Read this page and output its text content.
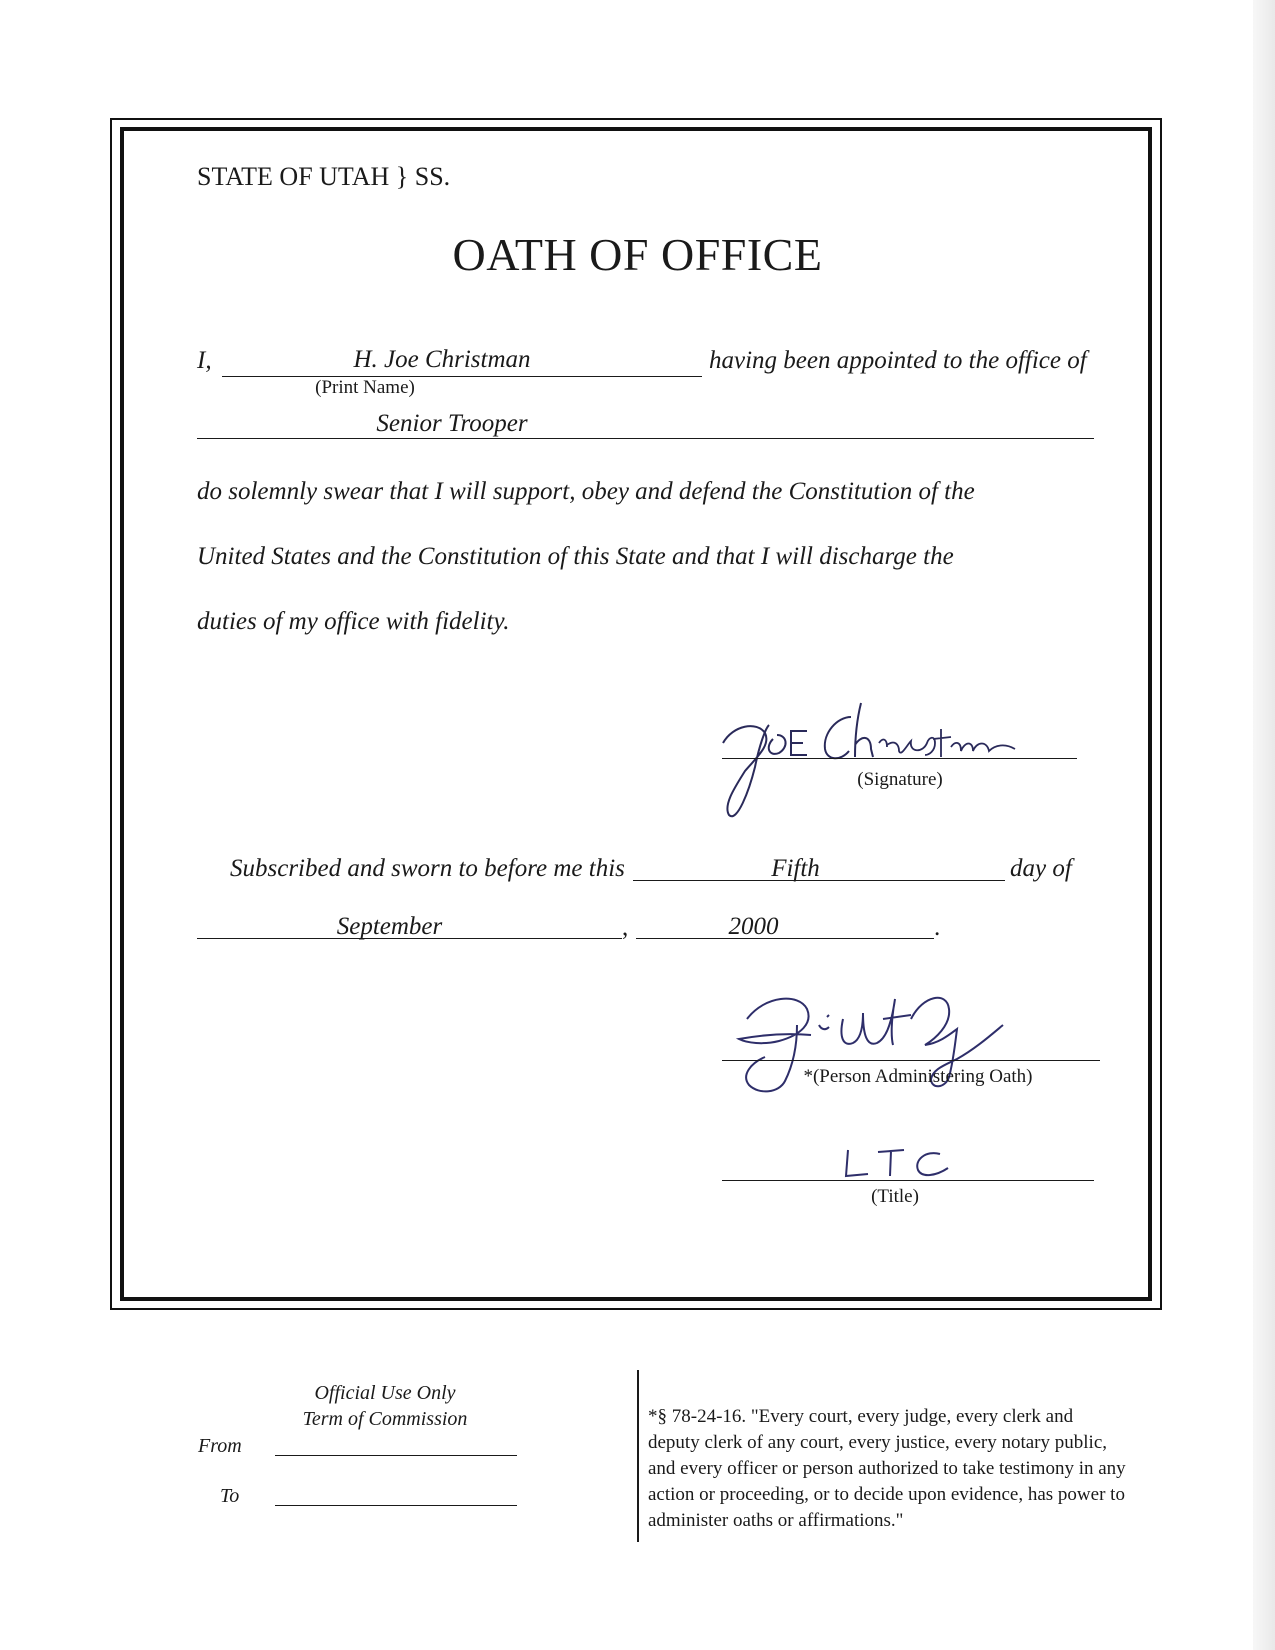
STATE OF UTAH } SS.
OATH OF OFFICE
I,	H. Joe Christman
(Print Name)
having been appointed to the office of
Senior Trooper
do solemnly swear that I will support, obey and defend the Constitution of the
United States and the Constitution of this State and that I will discharge the
duties of my office with fidelity.
(Signature)
Subscribed and sworn to before me this	Fifth	day of
September	,	2000	.
*(Person Administering Oath)
(Title)
Official Use Only
Term of Commission
From
To
*§ 78-24-16. "Every court, every judge, every clerk and deputy clerk of any court, every justice, every notary public, and every officer or person authorized to take testimony in any action or proceeding, or to decide upon evidence, has power to administer oaths or affirmations."
